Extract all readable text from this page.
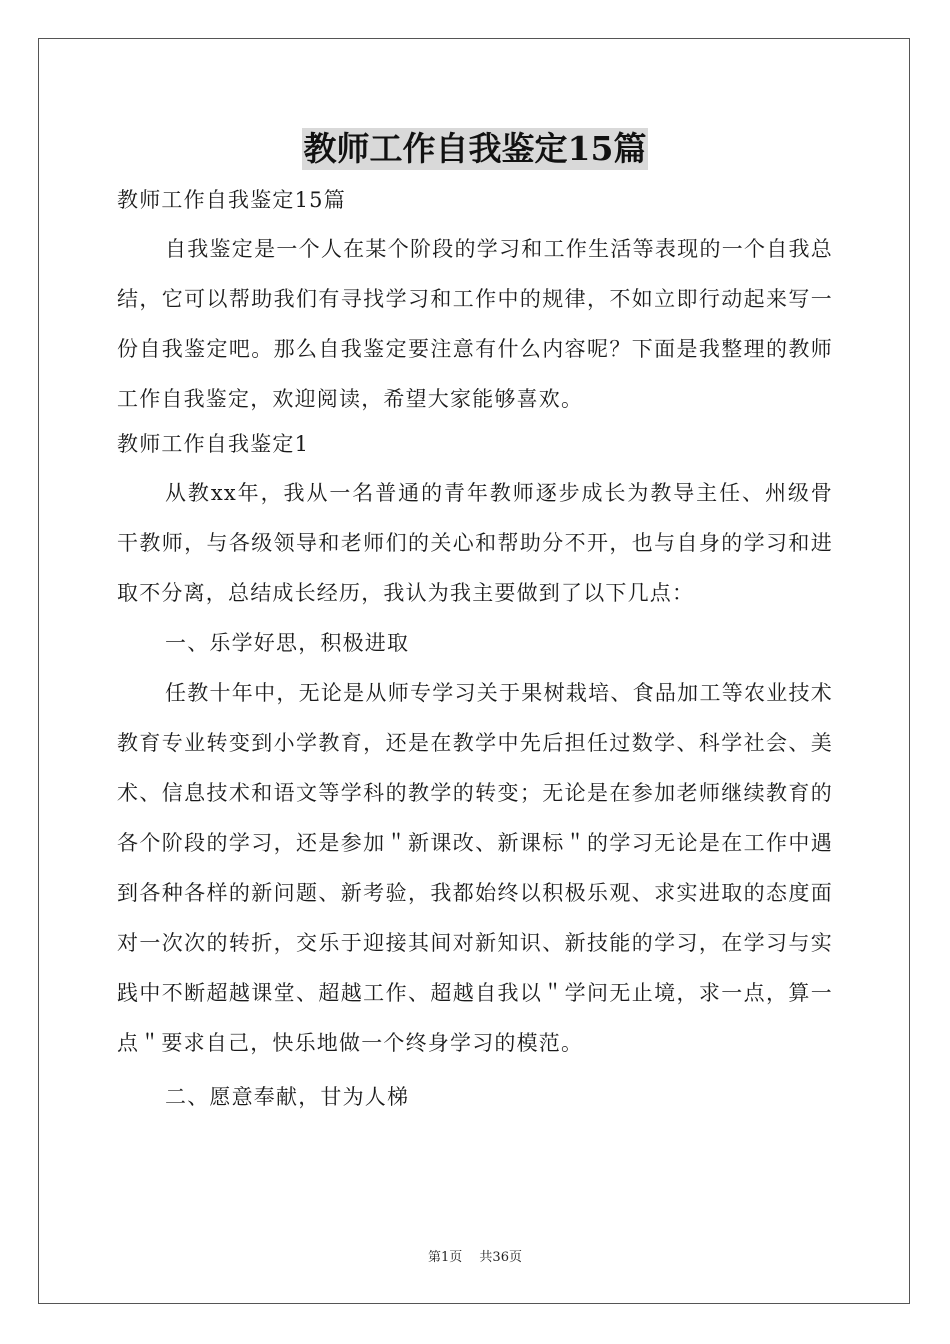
教师工作自我鉴定15篇
教师工作自我鉴定15篇

自我鉴定是一个人在某个阶段的学习和工作生活等表现的一个自我总结，它可以帮助我们有寻找学习和工作中的规律，不如立即行动起来写一份自我鉴定吧。那么自我鉴定要注意有什么内容呢？下面是我整理的教师工作自我鉴定，欢迎阅读，希望大家能够喜欢。

教师工作自我鉴定1

从教xx年，我从一名普通的青年教师逐步成长为教导主任、州级骨干教师，与各级领导和老师们的关心和帮助分不开，也与自身的学习和进取不分离，总结成长经历，我认为我主要做到了以下几点：

一、乐学好思，积极进取

任教十年中，无论是从师专学习关于果树栽培、食品加工等农业技术教育专业转变到小学教育，还是在教学中先后担任过数学、科学社会、美术、信息技术和语文等学科的教学的转变；无论是在参加老师继续教育的各个阶段的学习，还是参加＂新课改、新课标＂的学习无论是在工作中遇到各种各样的新问题、新考验，我都始终以积极乐观、求实进取的态度面对一次次的转折，交乐于迎接其间对新知识、新技能的学习，在学习与实践中不断超越课堂、超越工作、超越自我以＂学问无止境，求一点，算一点＂要求自己，快乐地做一个终身学习的模范。

二、愿意奉献，甘为人梯

第1页　 共36页
